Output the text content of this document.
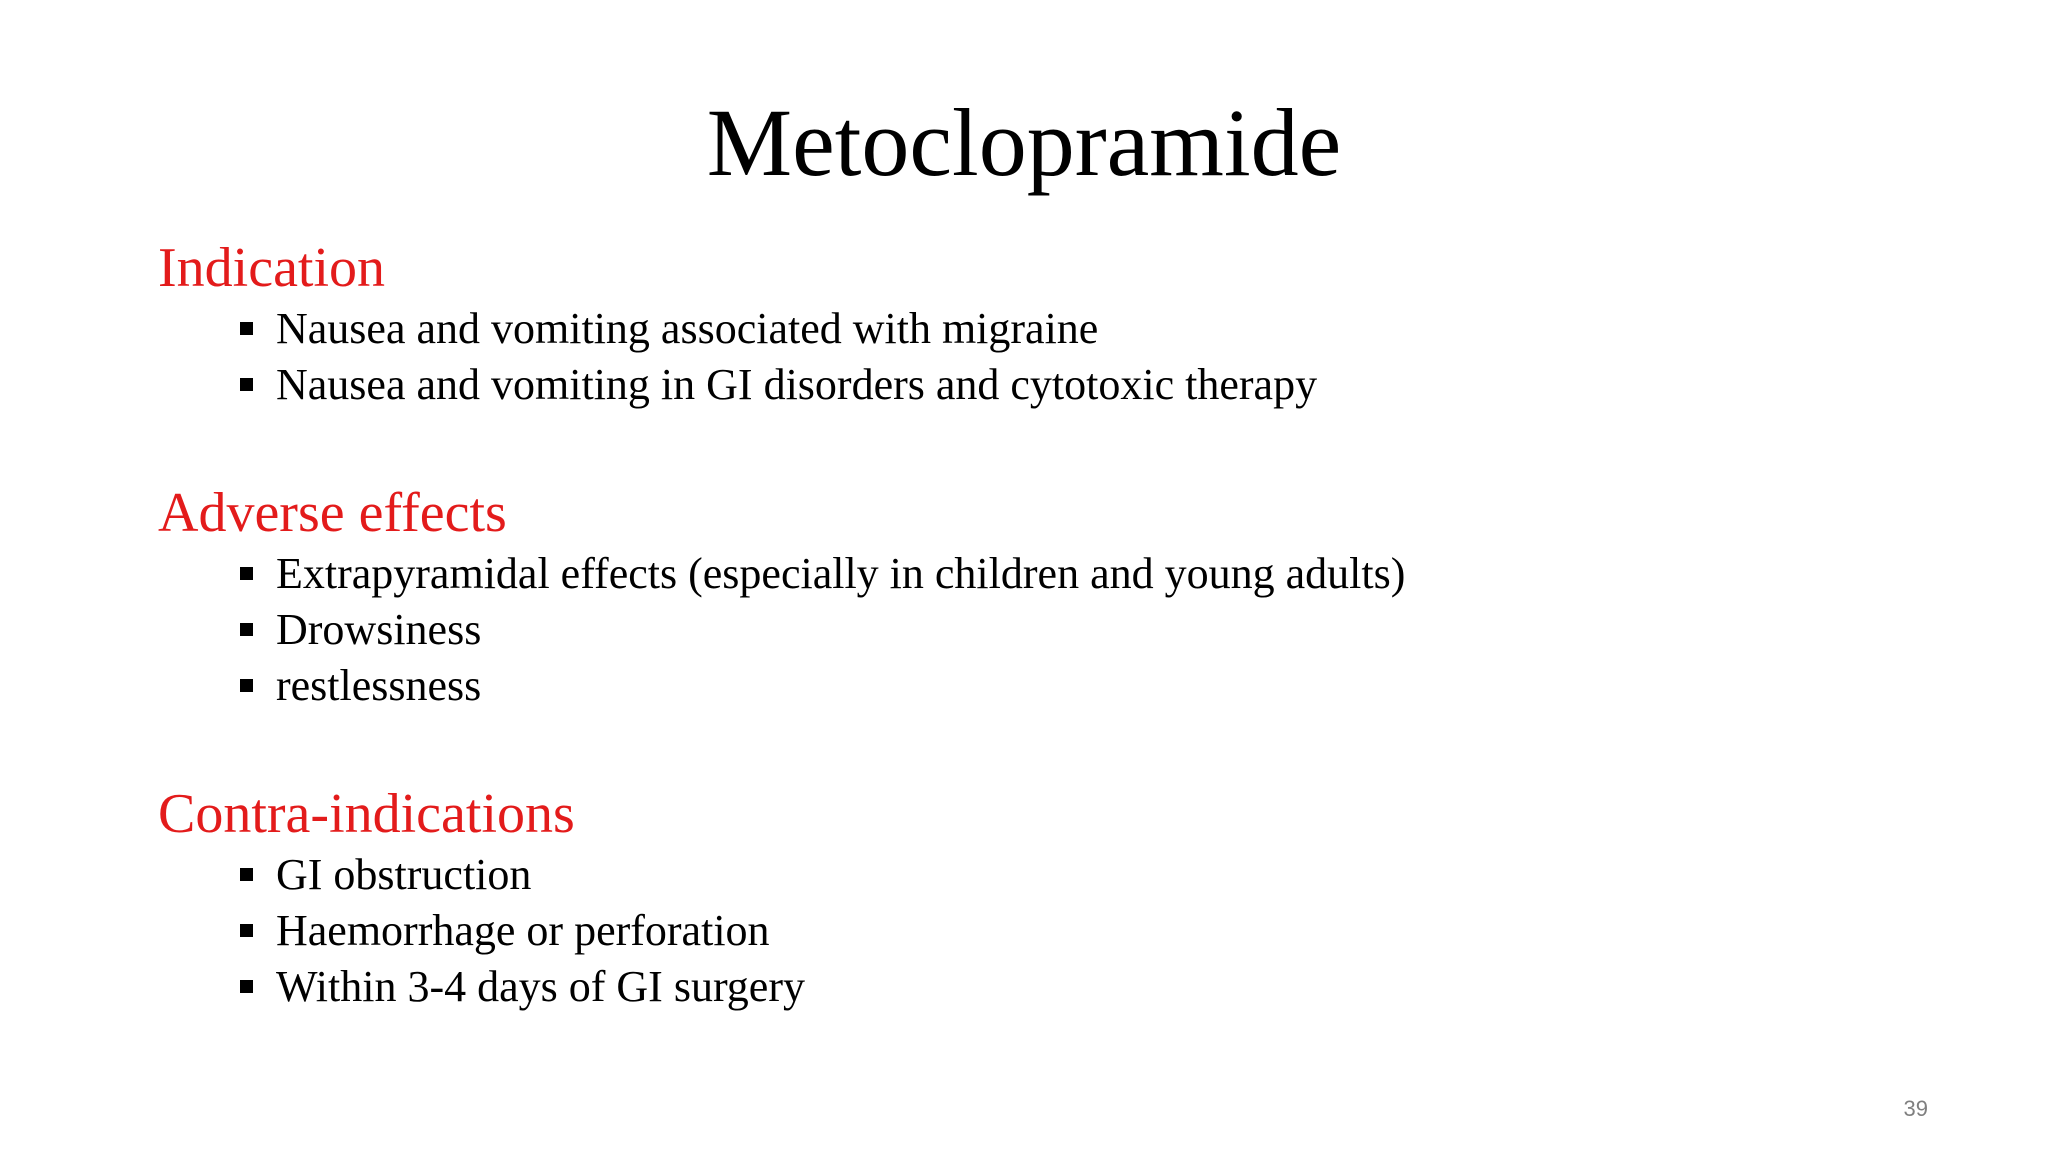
Metoclopramide
Indication
Nausea and vomiting associated with migraine
Nausea and vomiting in GI disorders and cytotoxic therapy
Adverse effects
Extrapyramidal effects (especially in children and young adults)
Drowsiness
restlessness
Contra-indications
GI obstruction
Haemorrhage or perforation
Within 3-4 days of GI surgery
39
